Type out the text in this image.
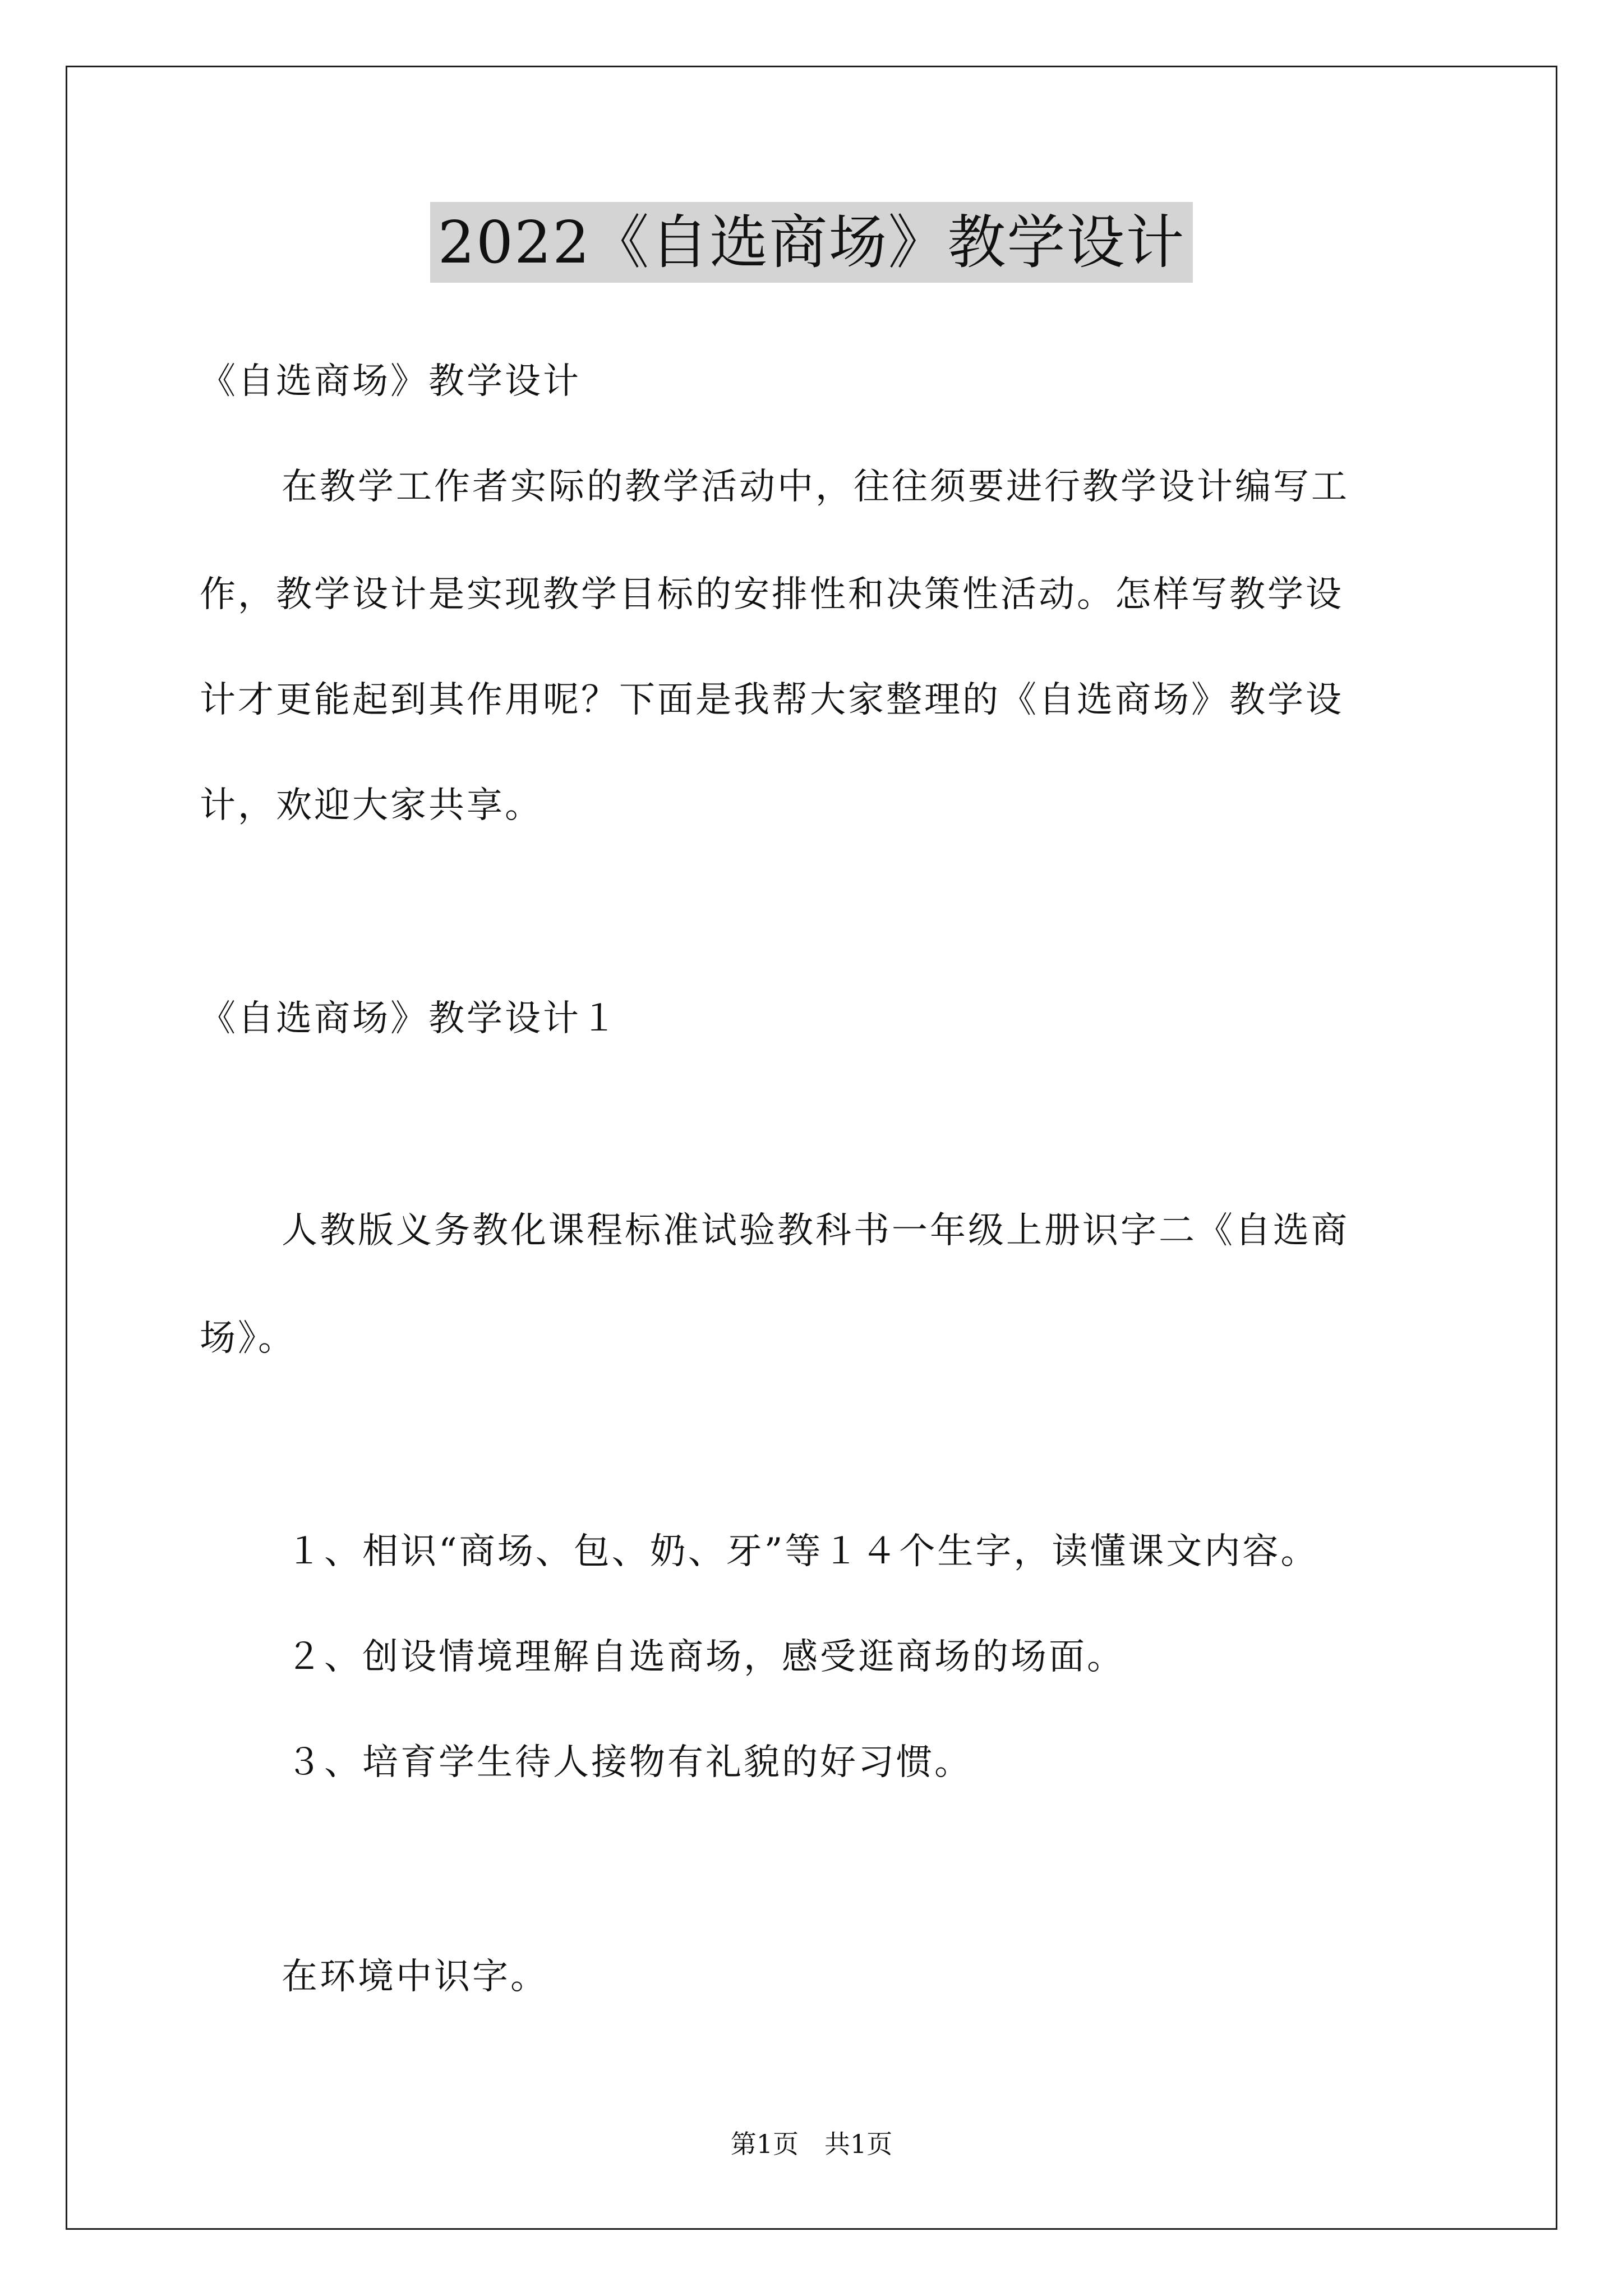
2022《自选商场》教学设计
《自选商场》教学设计
在教学工作者实际的教学活动中，往往须要进行教学设计编写工
作，教学设计是实现教学目标的安排性和决策性活动。怎样写教学设
计才更能起到其作用呢？下面是我帮大家整理的《自选商场》教学设
计，欢迎大家共享。
《自选商场》教学设计１
人教版义务教化课程标准试验教科书一年级上册识字二《自选商
场》。
１、相识“商场、包、奶、牙”等１４个生字，读懂课文内容。
２、创设情境理解自选商场，感受逛商场的场面。
３、培育学生待人接物有礼貌的好习惯。
在环境中识字。
第1页　共1页
